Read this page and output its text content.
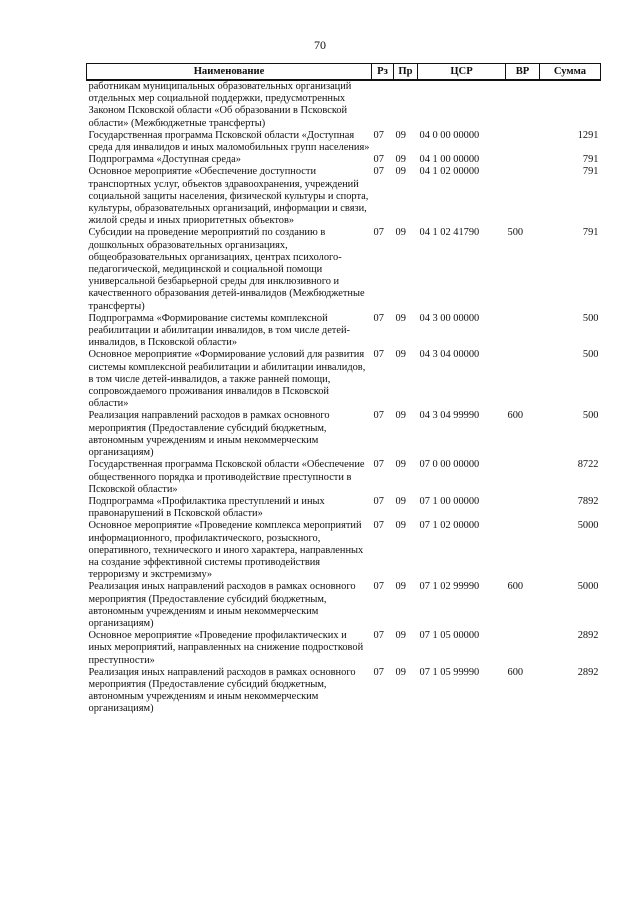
70
Наименование	Рз	Пр	ЦСР	ВР	Сумма
работникам муниципальных образовательных организаций отдельных мер социальной поддержки, предусмотренных Законом Псковской области «Об образовании в Псковской области» (Межбюджетные трансферты)					
Государственная программа Псковской области «Доступная среда для инвалидов и иных маломобильных групп населения»	07	09	04 0 00 00000		1291
Подпрограмма «Доступная среда»	07	09	04 1 00 00000		791
Основное мероприятие «Обеспечение доступности транспортных услуг, объектов здравоохранения, учреждений социальной защиты населения, физической культуры и спорта, культуры, образовательных организаций, информации и связи, жилой среды и иных приоритетных объектов»	07	09	04 1 02 00000		791
Субсидии на проведение мероприятий по созданию в дошкольных образовательных организациях, общеобразовательных организациях, центрах психолого-педагогической, медицинской и социальной помощи универсальной безбарьерной среды для инклюзивного и качественного образования детей-инвалидов (Межбюджетные трансферты)	07	09	04 1 02 41790	500	791
Подпрограмма «Формирование системы комплексной реабилитации и абилитации инвалидов, в том числе детей-инвалидов, в Псковской области»	07	09	04 3 00 00000		500
Основное мероприятие «Формирование условий для развития системы комплексной реабилитации и абилитации инвалидов, в том числе детей-инвалидов, а также ранней помощи, сопровождаемого проживания инвалидов в Псковской области»	07	09	04 3 04 00000		500
Реализация направлений расходов в рамках основного мероприятия (Предоставление субсидий бюджетным, автономным учреждениям и иным некоммерческим организациям)	07	09	04 3 04 99990	600	500
Государственная программа Псковской области «Обеспечение общественного порядка и противодействие преступности в Псковской области»	07	09	07 0 00 00000		8722
Подпрограмма «Профилактика преступлений и иных правонарушений в Псковской области»	07	09	07 1 00 00000		7892
Основное мероприятие «Проведение комплекса мероприятий информационного, профилактического, розыскного, оперативного, технического и иного характера, направленных на создание эффективной системы противодействия терроризму и экстремизму»	07	09	07 1 02 00000		5000
Реализация иных направлений расходов в рамках основного мероприятия (Предоставление субсидий бюджетным, автономным учреждениям и иным некоммерческим организациям)	07	09	07 1 02 99990	600	5000
Основное мероприятие «Проведение профилактических и иных мероприятий, направленных на снижение подростковой преступности»	07	09	07 1 05 00000		2892
Реализация иных направлений расходов в рамках основного мероприятия (Предоставление субсидий бюджетным, автономным учреждениям и иным некоммерческим организациям)	07	09	07 1 05 99990	600	2892
